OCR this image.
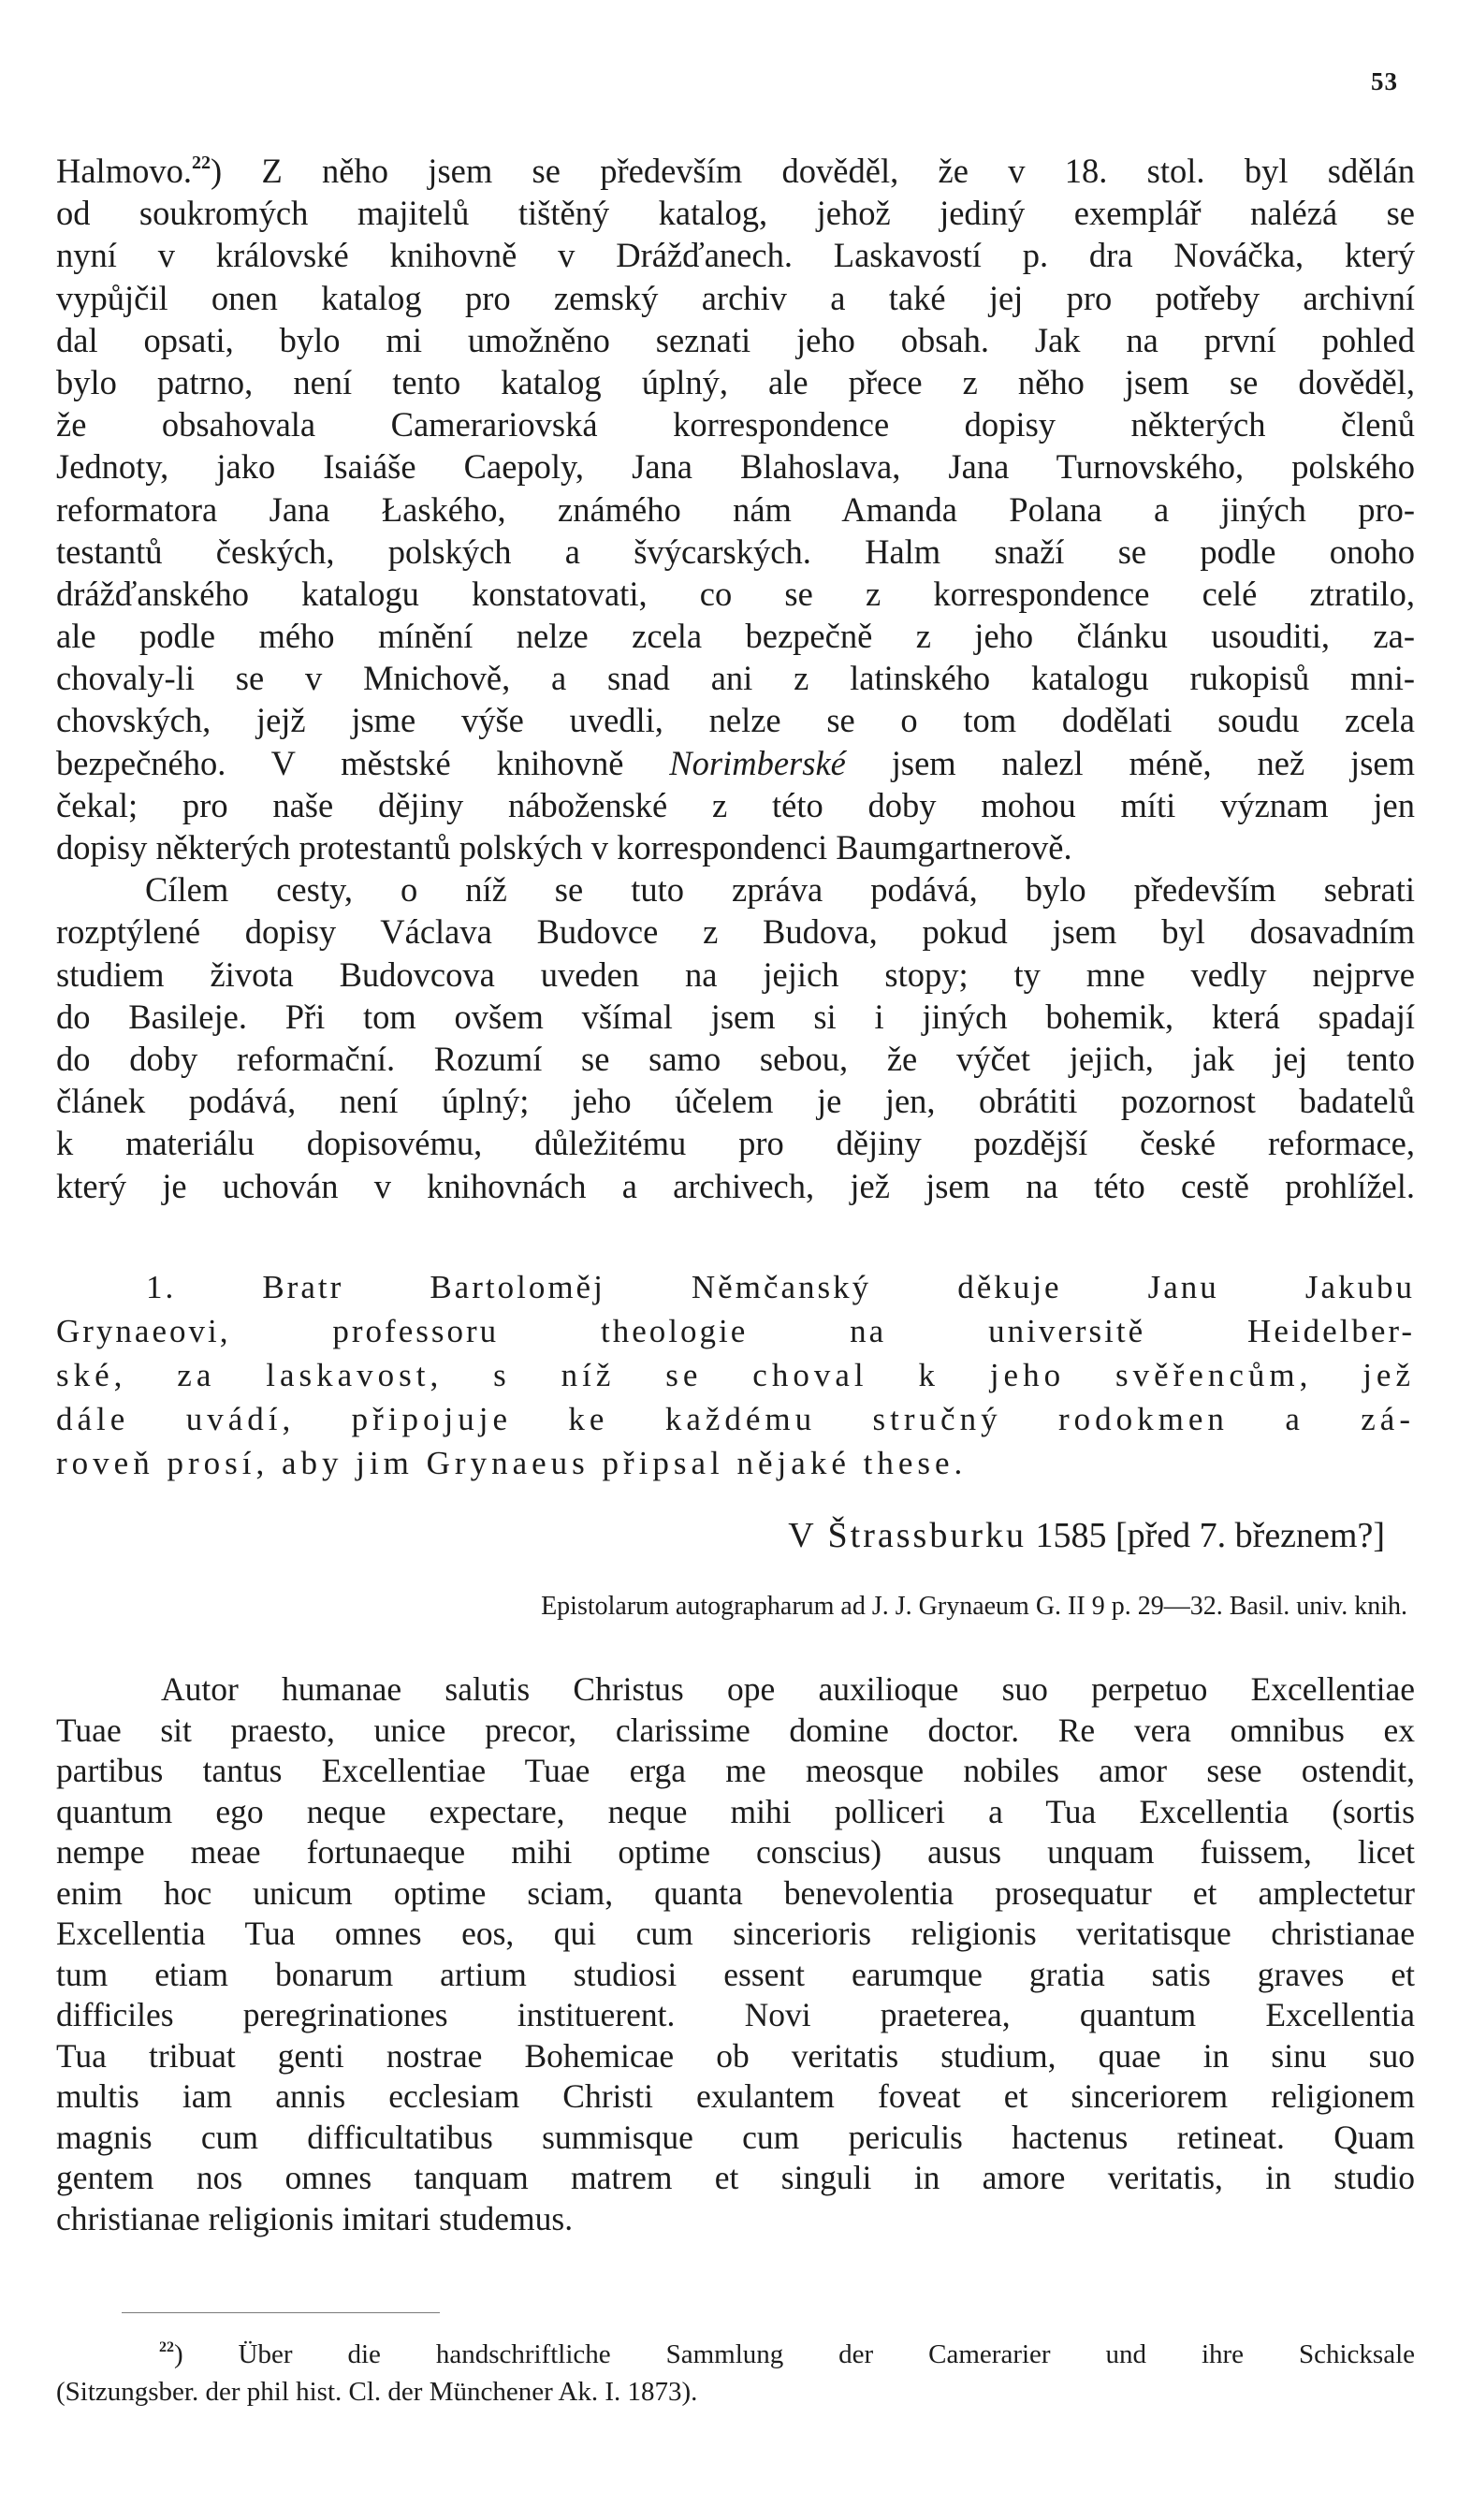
53
Halmovo.$^{22}$) Z něho jsem se především dověděl, že v 18. stol. byl sdělán
od soukromých majitelů tištěný katalog, jehož jediný exemplář nalézá se
nyní v královské knihovně v Drážďanech. Laskavostí p. dra Nováčka, který
vypůjčil onen katalog pro zemský archiv a také jej pro potřeby archivní
dal opsati, bylo mi umožněno seznati jeho obsah. Jak na první pohled
bylo patrno, není tento katalog úplný, ale přece z něho jsem se dověděl,
že obsahovala Camerariovská korrespondence dopisy některých členů
Jednoty, jako Isaiáše Caepoly, Jana Blahoslava, Jana Turnovského, polského
reformatora Jana Łaského, známého nám Amanda Polana a jiných pro-
testantů českých, polských a švýcarských. Halm snaží se podle onoho
drážďanského katalogu konstatovati, co se z korrespondence celé ztratilo,
ale podle mého mínění nelze zcela bezpečně z jeho článku usouditi, za-
chovaly-li se v Mnichově, a snad ani z latinského katalogu rukopisů mni-
chovských, jejž jsme výše uvedli, nelze se o tom dodělati soudu zcela
bezpečného. V městské knihovně Norimberské jsem nalezl méně, než jsem
čekal; pro naše dějiny náboženské z této doby mohou míti význam jen
dopisy některých protestantů polských v korrespondenci Baumgartnerově.
Cílem cesty, o níž se tuto zpráva podává, bylo především sebrati
rozptýlené dopisy Václava Budovce z Budova, pokud jsem byl dosavadním
studiem života Budovcova uveden na jejich stopy; ty mne vedly nejprve
do Basileje. Při tom ovšem všímal jsem si i jiných bohemik, která spadají
do doby reformační. Rozumí se samo sebou, že výčet jejich, jak jej tento
článek podává, není úplný; jeho účelem je jen, obrátiti pozornost badatelů
k materiálu dopisovému, důležitému pro dějiny pozdější české reformace,
který je uchován v knihovnách a archivech, jež jsem na této cestě prohlížel.
1. Bratr Bartoloměj Němčanský děkuje Janu Jakubu
Grynaeovi, professoru theologie na universitě Heidelber-
ské, za laskavost, s níž se choval k jeho svěřencům, jež
dále uvádí, připojuje ke každému stručný rodokmen a zá-
roveň prosí, aby jim Grynaeus připsal nějaké these.
V Štrassburku 1585 [před 7. březnem?]
Epistolarum autographarum ad J. J. Grynaeum G. II 9 p. 29—32. Basil. univ. knih.
Autor humanae salutis Christus ope auxilioque suo perpetuo Excellentiae
Tuae sit praesto, unice precor, clarissime domine doctor. Re vera omnibus ex
partibus tantus Excellentiae Tuae erga me meosque nobiles amor sese ostendit,
quantum ego neque expectare, neque mihi polliceri a Tua Excellentia (sortis
nempe meae fortunaeque mihi optime conscius) ausus unquam fuissem, licet
enim hoc unicum optime sciam, quanta benevolentia prosequatur et amplectetur
Excellentia Tua omnes eos, qui cum sincerioris religionis veritatisque christianae
tum etiam bonarum artium studiosi essent earumque gratia satis graves et
difficiles peregrinationes instituerent. Novi praeterea, quantum Excellentia
Tua tribuat genti nostrae Bohemicae ob veritatis studium, quae in sinu suo
multis iam annis ecclesiam Christi exulantem foveat et sinceriorem religionem
magnis cum difficultatibus summisque cum periculis hactenus retineat. Quam
gentem nos omnes tanquam matrem et singuli in amore veritatis, in studio
christianae religionis imitari studemus.
$^{22}$) Über die handschriftliche Sammlung der Camerarier und ihre Schicksale
(Sitzungsber. der phil hist. Cl. der Münchener Ak. I. 1873).
